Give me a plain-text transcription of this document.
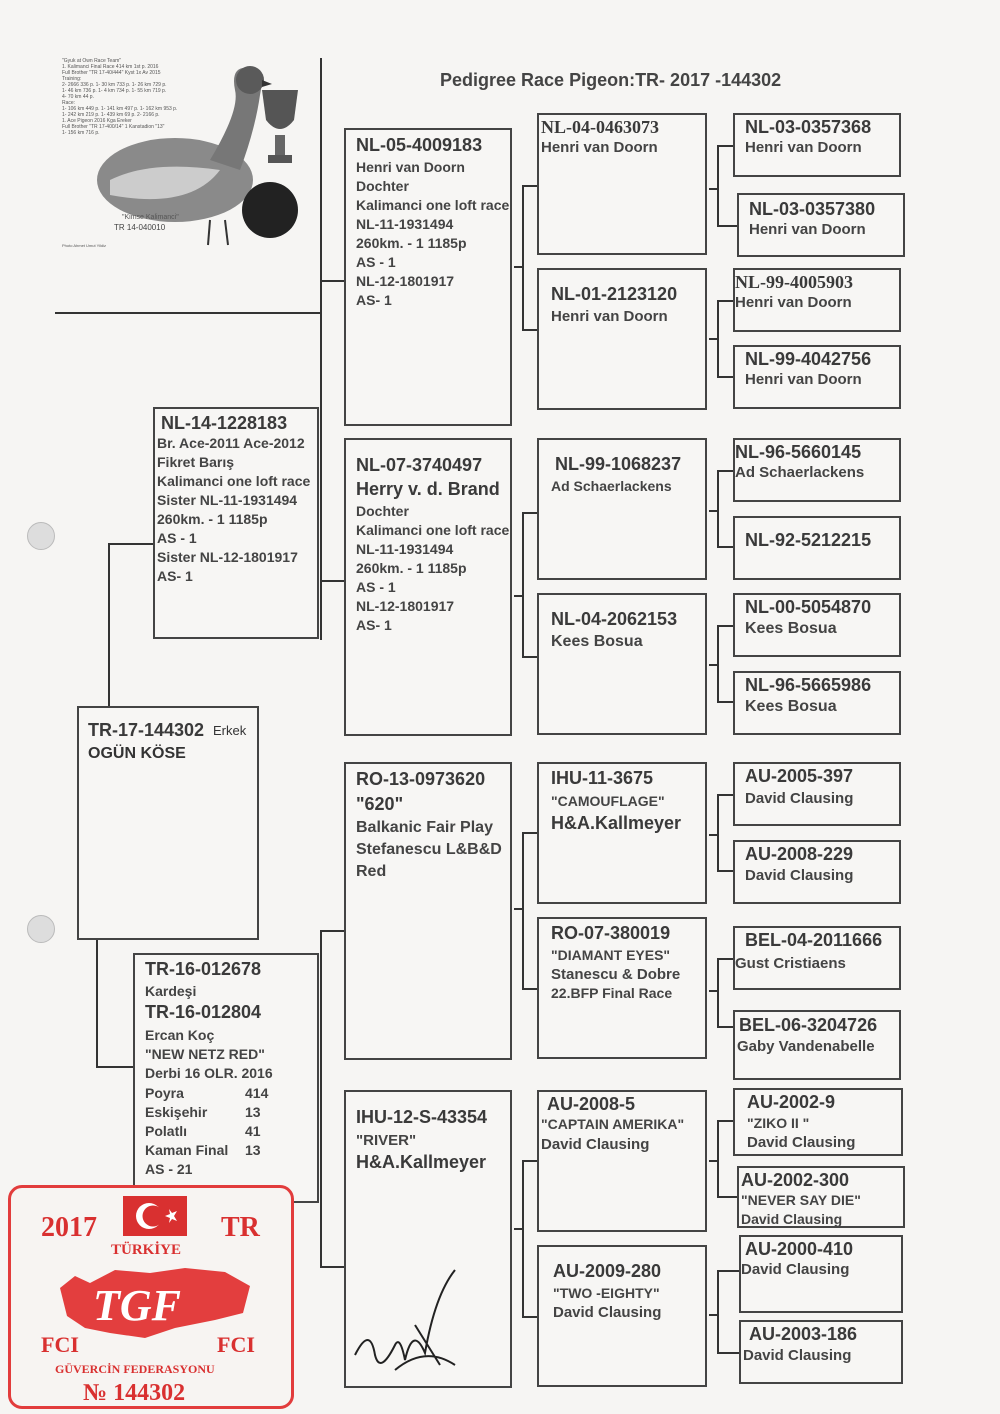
Pedigree Race Pigeon:TR- 2017 -144302
"Gyuk at Own Race Team"
1. Kalimanci Final Race 414 km 1st p. 2016
Full Brother "TR 17-40/444" Kyst 1x Av 2015
Training:
2- 2666 336 p. 1- 30 km 733 p. 1- 26 km 729 p.
1- 46 km 736 p. 1- 4 km 734 p. 1- 55 km 719 p.
4- 70 km 44 p.
Race:
1- 106 km 449 p. 1- 141 km 497 p. 1- 162 km 953 p.
1- 242 km 219 p. 1- 439 km 69 p. 2- 2166 p.
1. Ace Pigeon 2016 Kga Ereker
Full Brother "TR 17-400/14" 1 Kanstadion "13"
1- 156 km 716 p.
"Kimse Kalimanci"
TR 14-040010
Photo Ahmet Umut Yildiz
TR-17-144302 Erkek
OGÜN KÖSE
NL-14-1228183
Br. Ace-2011 Ace-2012
Fikret Barış
Kalimanci one loft race
Sister NL-11-1931494
260km. - 1 1185p
AS - 1
Sister NL-12-1801917
AS- 1
TR-16-012678
Kardeşi
TR-16-012804
Ercan Koç
"NEW NETZ RED"
Derbi 16 OLR. 2016
Poyra	414
Eskişehir	13
Polatlı	41
Kaman Final 13
AS - 21
NL-05-4009183
Henri van Doorn
Dochter
Kalimanci one loft race
NL-11-1931494
260km. - 1 1185p
AS - 1
NL-12-1801917
AS- 1
NL-07-3740497
Herry v. d. Brand
Dochter
Kalimanci one loft race
NL-11-1931494
260km. - 1 1185p
AS - 1
NL-12-1801917
AS- 1
RO-13-0973620
"620"
Balkanic Fair Play
Stefanescu L&B&D
Red
IHU-12-S-43354
"RIVER"
H&A.Kallmeyer
NL-04-0463073
Henri van Doorn
NL-01-2123120
Henri van Doorn
NL-99-1068237
Ad Schaerlackens
NL-04-2062153
Kees Bosua
IHU-11-3675
"CAMOUFLAGE"
H&A.Kallmeyer
RO-07-380019
"DIAMANT EYES"
Stanescu & Dobre
22.BFP Final Race
AU-2008-5
"CAPTAIN AMERIKA"
David Clausing
AU-2009-280
"TWO -EIGHTY"
David Clausing
NL-03-0357368
Henri van Doorn
NL-03-0357380
Henri van Doorn
NL-99-4005903
Henri van Doorn
NL-99-4042756
Henri van Doorn
NL-96-5660145
Ad Schaerlackens
NL-92-5212215
NL-00-5054870
Kees Bosua
NL-96-5665986
Kees Bosua
AU-2005-397
David Clausing
AU-2008-229
David Clausing
BEL-04-2011666
Gust Cristiaens
BEL-06-3204726
Gaby Vandenabelle
AU-2002-9
"ZIKO II "
David Clausing
AU-2002-300
"NEVER SAY DIE"
David Clausing
AU-2000-410
David Clausing
AU-2003-186
David Clausing
2017	TR
TÜRKİYE
TGF
FCI	FCI
GÜVERCİN FEDERASYONU
№ 144302
